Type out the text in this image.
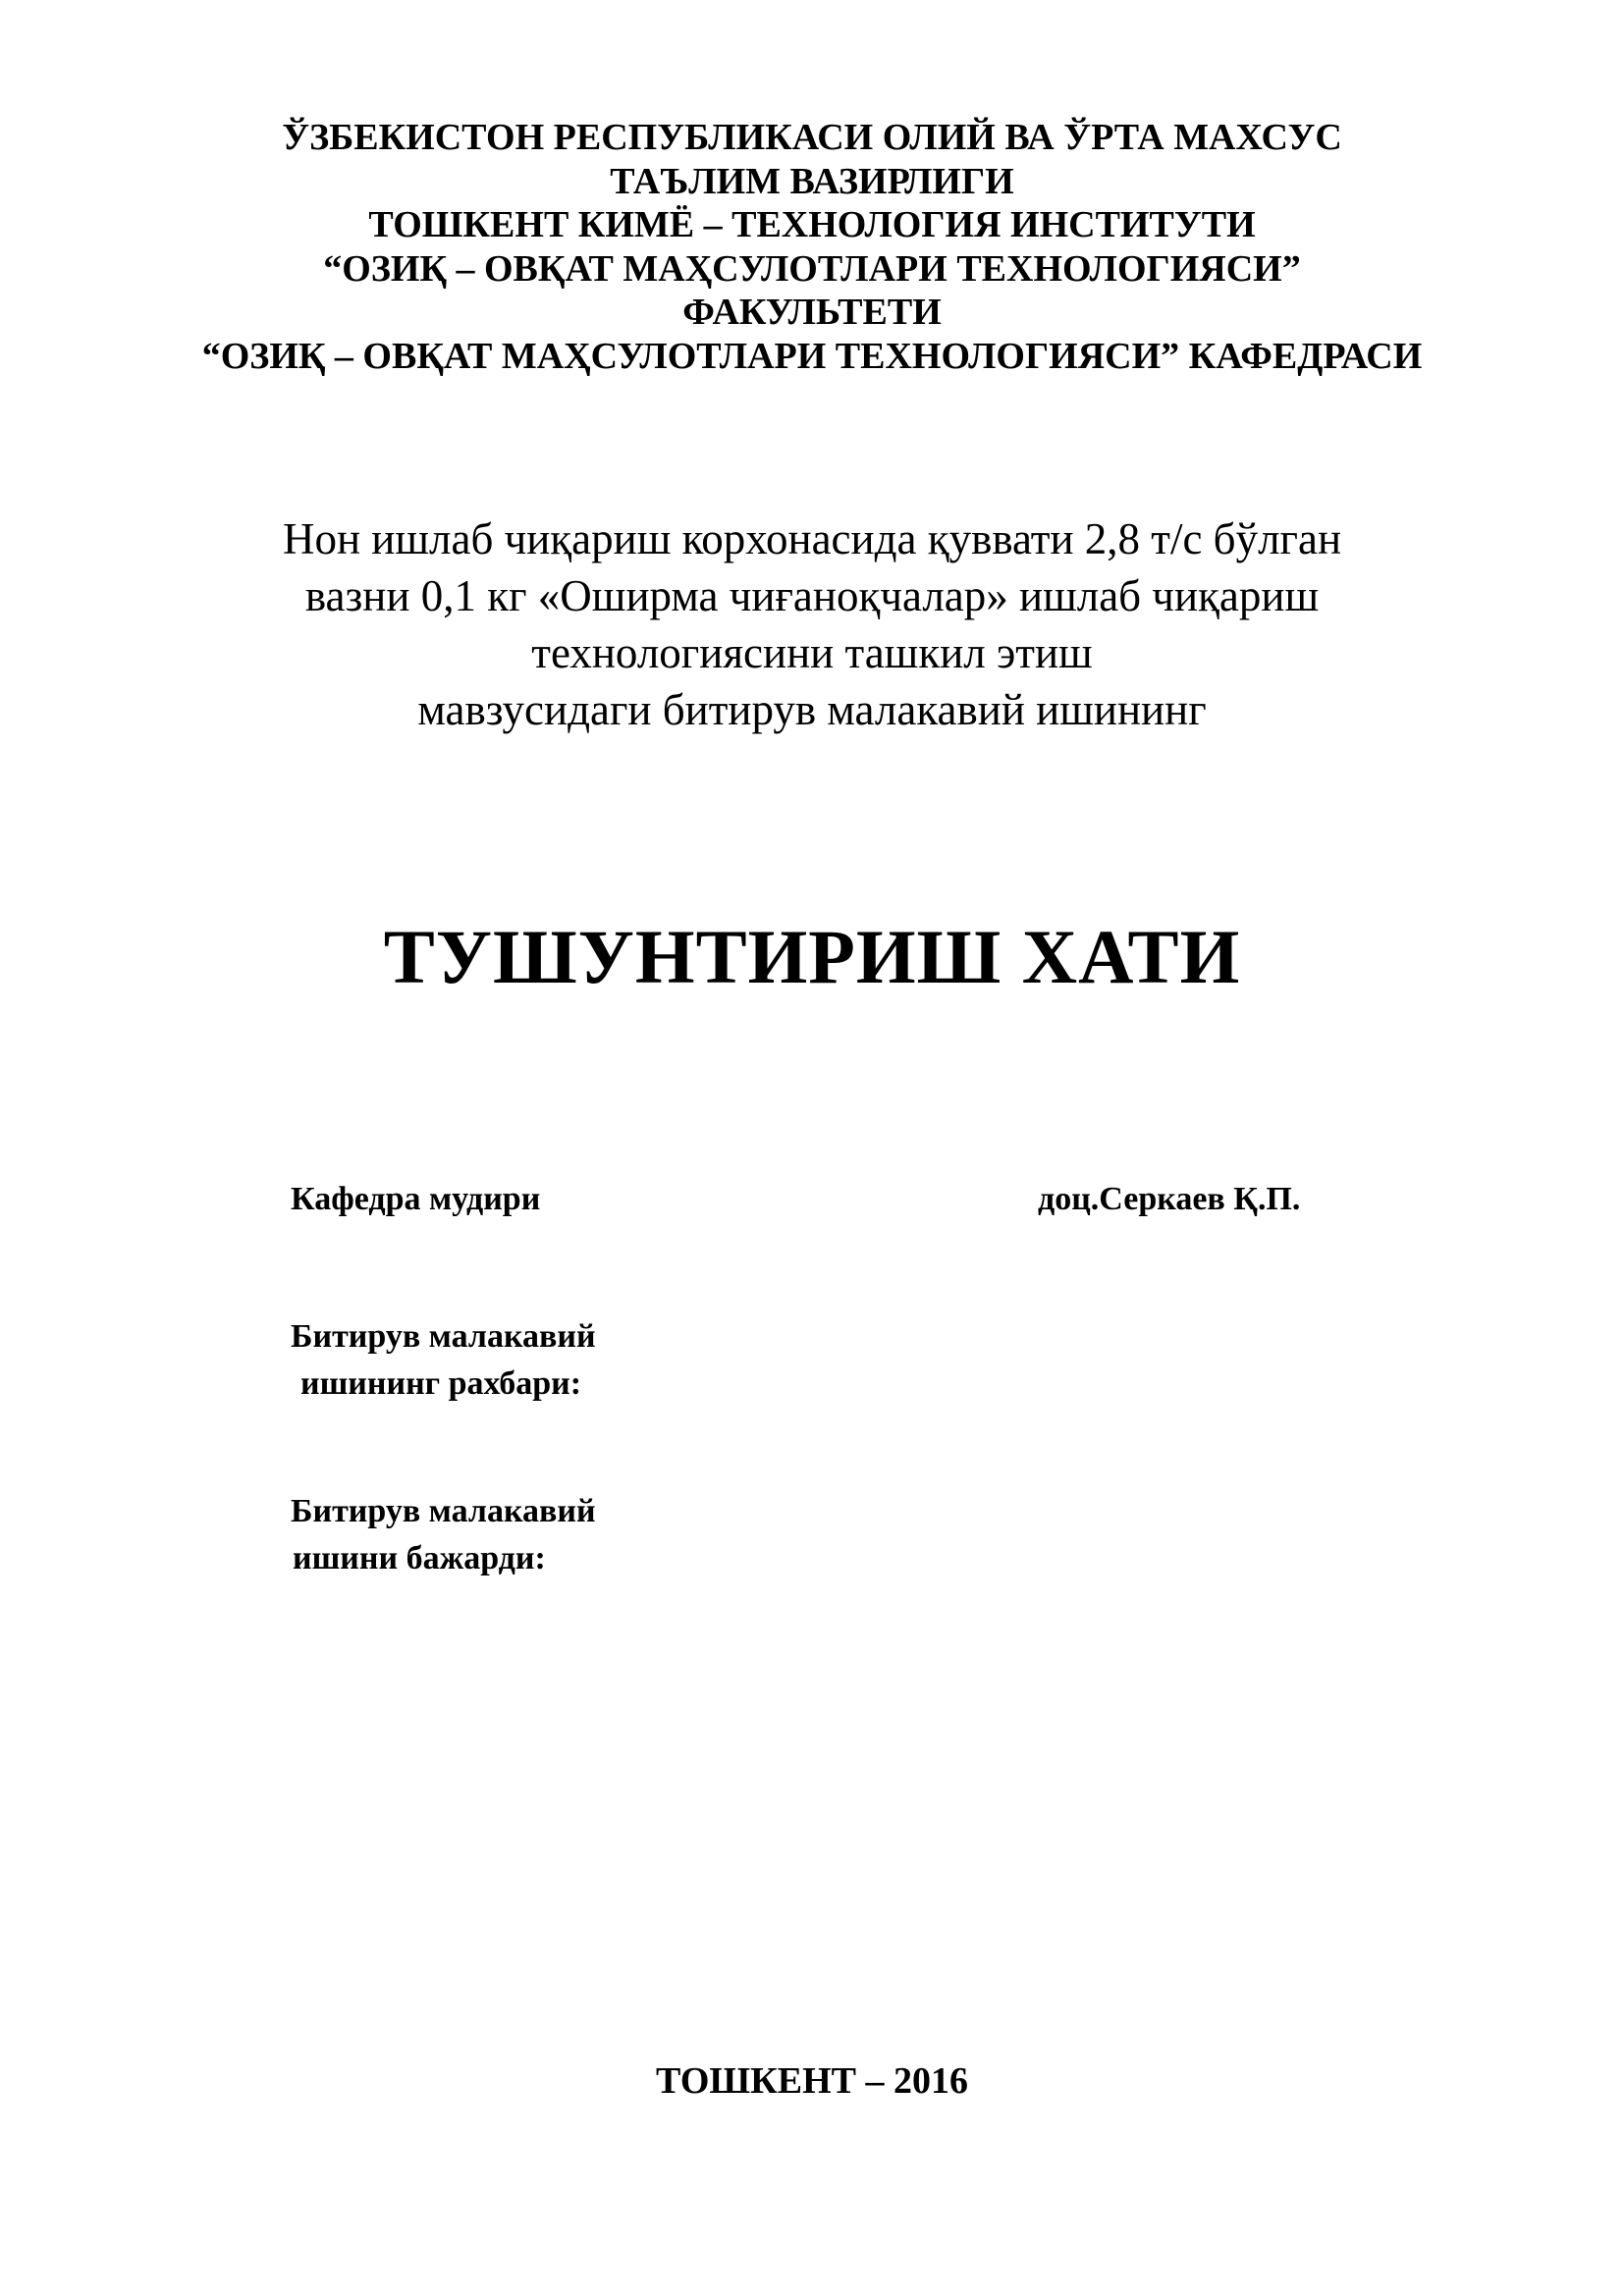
ЎЗБЕКИСТОН РЕСПУБЛИКАСИ ОЛИЙ ВА ЎРТА МАХСУС
ТАЪЛИМ ВАЗИРЛИГИ
ТОШКЕНТ КИМЁ – ТЕХНОЛОГИЯ ИНСТИТУТИ
“ОЗИҚ – ОВҚАТ МАҲСУЛОТЛАРИ ТЕХНОЛОГИЯСИ”
ФАКУЛЬТЕТИ
“ОЗИҚ – ОВҚАТ МАҲСУЛОТЛАРИ ТЕХНОЛОГИЯСИ” КАФЕДРАСИ
Нон ишлаб чиқариш корхонасида қуввати 2,8 т/с бўлган
вазни 0,1 кг «Оширма чиғаноқчалар» ишлаб чиқариш
технологиясини ташкил этиш
мавзусидаги битирув малакавий ишининг
ТУШУНТИРИШ ХАТИ
Кафедра мудири	доц.Серкаев Қ.П.
Битирув малакавий
ишининг рахбари:
Битирув малакавий
ишини бажарди:
ТОШКЕНТ – 2016
